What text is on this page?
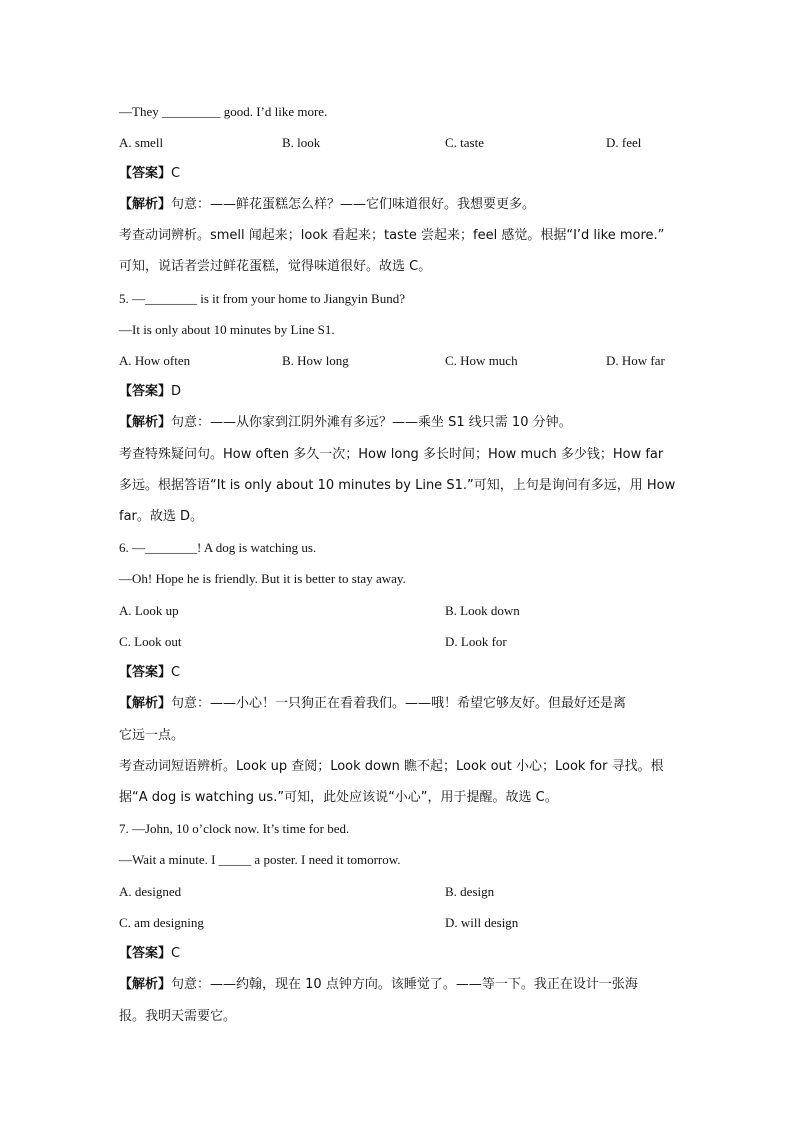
—They _________ good. I’d like more.
A. smell	B. look	C. taste	D. feel
【答案】C
【解析】句意：——鲜花蛋糕怎么样？——它们味道很好。我想要更多。
考查动词辨析。smell 闻起来；look 看起来；taste 尝起来；feel 感觉。根据“I’d like more.”
可知，说话者尝过鲜花蛋糕，觉得味道很好。故选 C。
5. —________ is it from your home to Jiangyin Bund?
—It is only about 10 minutes by Line S1.
A. How often	B. How long	C. How much	D. How far
【答案】D
【解析】句意：——从你家到江阴外滩有多远？——乘坐 S1 线只需 10 分钟。
考查特殊疑问句。How often 多久一次；How long 多长时间；How much 多少钱；How far
多远。根据答语“It is only about 10 minutes by Line S1.”可知，上句是询问有多远，用 How
far。故选 D。
6. —________! A dog is watching us.
—Oh! Hope he is friendly. But it is better to stay away.
A. Look up	B. Look down
C. Look out	D. Look for
【答案】C
【解析】句意：——小心！一只狗正在看着我们。——哦！希望它够友好。但最好还是离
它远一点。
考查动词短语辨析。Look up 查阅；Look down 瞧不起；Look out 小心；Look for 寻找。根
据“A dog is watching us.”可知，此处应该说“小心”，用于提醒。故选 C。
7. —John, 10 o’clock now. It’s time for bed.
—Wait a minute. I _____ a poster. I need it tomorrow.
A. designed	B. design
C. am designing	D. will design
【答案】C
【解析】句意：——约翰，现在 10 点钟方向。该睡觉了。——等一下。我正在设计一张海
报。我明天需要它。
